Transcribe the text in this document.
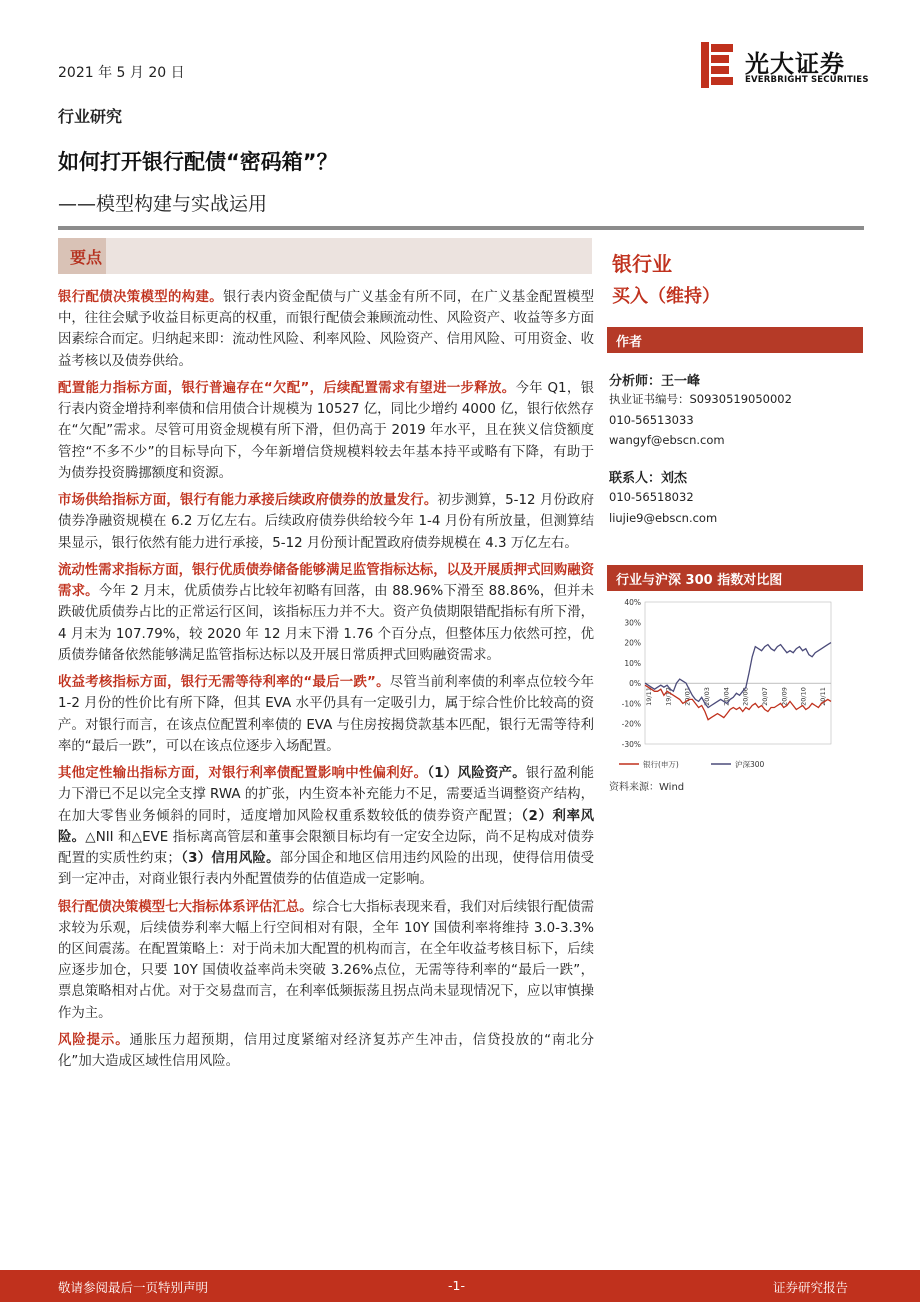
2021 年 5 月 20 日	光大证券
EVERBRIGHT SECURITIES
行业研究
如何打开银行配债“密码箱”？
——模型构建与实战运用
要点

银行配债决策模型的构建。银行表内资金配债与广义基金有所不同，在广义基金配置模型中，往往会赋予收益目标更高的权重，而银行配债会兼顾流动性、风险资产、收益等多方面因素综合而定。归纳起来即：流动性风险、利率风险、风险资产、信用风险、可用资金、收益考核以及债券供给。

配置能力指标方面，银行普遍存在“欠配”，后续配置需求有望进一步释放。今年 Q1，银行表内资金增持利率债和信用债合计规模为 10527 亿，同比少增约 4000 亿，银行依然存在“欠配”需求。尽管可用资金规模有所下滑，但仍高于 2019 年水平，且在狭义信贷额度管控“不多不少”的目标导向下，今年新增信贷规模料较去年基本持平或略有下降，有助于为债券投资腾挪额度和资源。

市场供给指标方面，银行有能力承接后续政府债券的放量发行。初步测算，5-12 月份政府债券净融资规模在 6.2 万亿左右。后续政府债券供给较今年 1-4 月份有所放量，但测算结果显示，银行依然有能力进行承接，5-12 月份预计配置政府债券规模在 4.3 万亿左右。

流动性需求指标方面，银行优质债券储备能够满足监管指标达标，以及开展质押式回购融资需求。今年 2 月末，优质债券占比较年初略有回落，由 88.96%下滑至 88.86%，但并未跌破优质债券占比的正常运行区间，该指标压力并不大。资产负债期限错配指标有所下滑，4 月末为 107.79%，较 2020 年 12 月末下滑 1.76 个百分点，但整体压力依然可控，优质债券储备依然能够满足监管指标达标以及开展日常质押式回购融资需求。

收益考核指标方面，银行无需等待利率的“最后一跌”。尽管当前利率债的利率点位较今年 1-2 月份的性价比有所下降，但其 EVA 水平仍具有一定吸引力，属于综合性价比较高的资产。对银行而言，在该点位配置利率债的 EVA 与住房按揭贷款基本匹配，银行无需等待利率的“最后一跌”，可以在该点位逐步入场配置。

其他定性输出指标方面，对银行利率债配置影响中性偏利好。（1）风险资产。银行盈利能力下滑已不足以完全支撑 RWA 的扩张，内生资本补充能力不足，需要适当调整资产结构，在加大零售业务倾斜的同时，适度增加风险权重系数较低的债券资产配置；（2）利率风险。△NII 和△EVE 指标离高管层和董事会限额目标均有一定安全边际，尚不足构成对债券配置的实质性约束；（3）信用风险。部分国企和地区信用违约风险的出现，使得信用债受到一定冲击，对商业银行表内外配置债券的估值造成一定影响。

银行配债决策模型七大指标体系评估汇总。综合七大指标表现来看，我们对后续银行配债需求较为乐观，后续债券利率大幅上行空间相对有限，全年 10Y 国债利率将维持 3.0-3.3%的区间震荡。在配置策略上：对于尚未加大配置的机构而言，在全年收益考核目标下，后续应逐步加仓，只要 10Y 国债收益率尚未突破 3.26%点位，无需等待利率的“最后一跌”，票息策略相对占优。对于交易盘而言，在利率低频振荡且拐点尚未显现情况下，应以审慎操作为主。

风险提示。通胀压力超预期，信用过度紧缩对经济复苏产生冲击，信贷投放的“南北分化”加大造成区域性信用风险。

银行业
买入（维持）
作者
分析师：王一峰
执业证书编号：S0930519050002
010-56513033
wangyf@ebscn.com
联系人：刘杰
010-56518032
liujie9@ebscn.com
行业与沪深 300 指数对比图
40%
30%
20%
10%
0%
-10%
-20%
-30%
19/11 19/12 20/01 20/03 20/04 20/06 20/07 20/09 20/10 20/11
银行(申万)	沪深300
资料来源：Wind
敬请参阅最后一页特别声明	-1-	证券研究报告
